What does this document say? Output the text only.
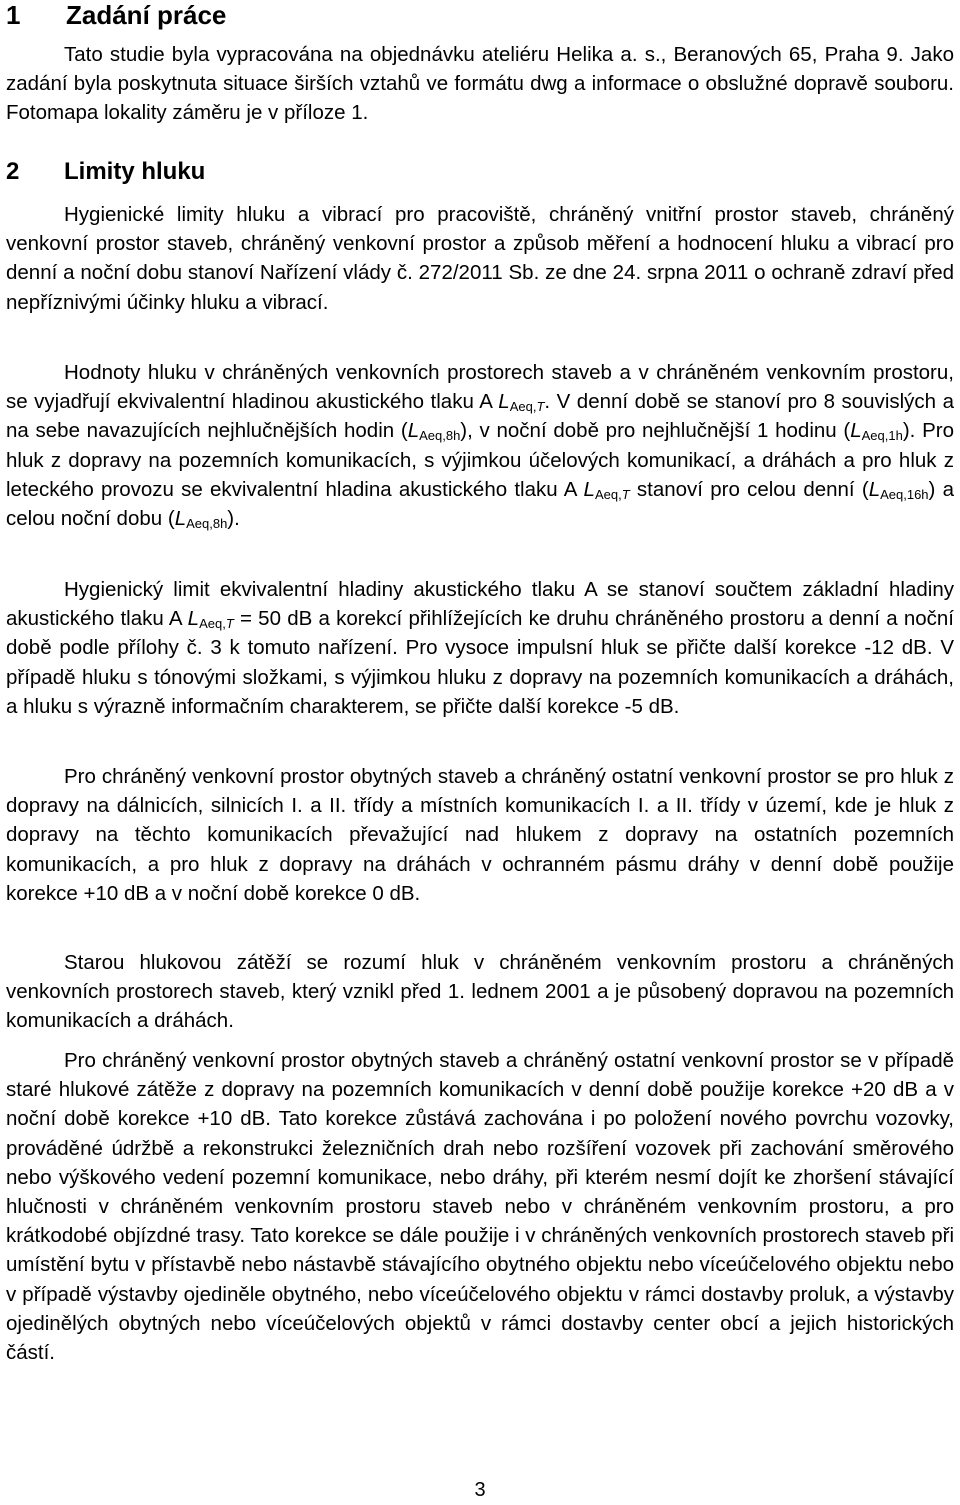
1 Zadání práce

Tato studie byla vypracována na objednávku ateliéru Helika a. s., Beranových 65, Praha 9. Jako zadání byla poskytnuta situace širších vztahů ve formátu dwg a informace o obslužné dopravě souboru. Fotomapa lokality záměru je v příloze 1.

2 Limity hluku

Hygienické limity hluku a vibrací pro pracoviště, chráněný vnitřní prostor staveb, chráněný venkovní prostor staveb, chráněný venkovní prostor a způsob měření a hodnocení hluku a vibrací pro denní a noční dobu stanoví Nařízení vlády č. 272/2011 Sb. ze dne 24. srpna 2011 o ochraně zdraví před nepříznivými účinky hluku a vibrací.

Hodnoty hluku v chráněných venkovních prostorech staveb a v chráněném venkovním prostoru, se vyjadřují ekvivalentní hladinou akustického tlaku A $L_{Aeq,T}$. V denní době se stanoví pro 8 souvislých a na sebe navazujících nejhlučnějších hodin $(L_{Aeq,8h})$, v noční době pro nejhlučnější 1 hodinu $(L_{Aeq,1h})$. Pro hluk z dopravy na pozemních komunikacích, s výjimkou účelových komunikací, a dráhách a pro hluk z leteckého provozu se ekvivalentní hladina akustického tlaku A $L_{Aeq,T}$ stanoví pro celou denní $(L_{Aeq,16h})$ a celou noční dobu $(L_{Aeq,8h})$.

Hygienický limit ekvivalentní hladiny akustického tlaku A se stanoví součtem základní hladiny akustického tlaku A $L_{Aeq,T} = 50$ dB a korekcí přihlížejících ke druhu chráněného prostoru a denní a noční době podle přílohy č. 3 k tomuto nařízení. Pro vysoce impulsní hluk se přičte další korekce -12 dB. V případě hluku s tónovými složkami, s výjimkou hluku z dopravy na pozemních komunikacích a dráhách, a hluku s výrazně informačním charakterem, se přičte další korekce -5 dB.

Pro chráněný venkovní prostor obytných staveb a chráněný ostatní venkovní prostor se pro hluk z dopravy na dálnicích, silnicích I. a II. třídy a místních komunikacích I. a II. třídy v území, kde je hluk z dopravy na těchto komunikacích převažující nad hlukem z dopravy na ostatních pozemních komunikacích, a pro hluk z dopravy na dráhách v ochranném pásmu dráhy v denní době použije korekce +10 dB a v noční době korekce 0 dB.

Starou hlukovou zátěží se rozumí hluk v chráněném venkovním prostoru a chráněných venkovních prostorech staveb, který vznikl před 1. lednem 2001 a je působený dopravou na pozemních komunikacích a dráhách.

Pro chráněný venkovní prostor obytných staveb a chráněný ostatní venkovní prostor se v případě staré hlukové zátěže z dopravy na pozemních komunikacích v denní době použije korekce +20 dB a v noční době korekce +10 dB. Tato korekce zůstává zachována i po položení nového povrchu vozovky, prováděné údržbě a rekonstrukci železničních drah nebo rozšíření vozovek při zachování směrového nebo výškového vedení pozemní komunikace, nebo dráhy, při kterém nesmí dojít ke zhoršení stávající hlučnosti v chráněném venkovním prostoru staveb nebo v chráněném venkovním prostoru, a pro krátkodobé objízdné trasy. Tato korekce se dále použije i v chráněných venkovních prostorech staveb při umístění bytu v přístavbě nebo nástavbě stávajícího obytného objektu nebo víceúčelového objektu nebo v případě výstavby ojediněle obytného, nebo víceúčelového objektu v rámci dostavby proluk, a výstavby ojedinělých obytných nebo víceúčelových objektů v rámci dostavby center obcí a jejich historických částí.

3
